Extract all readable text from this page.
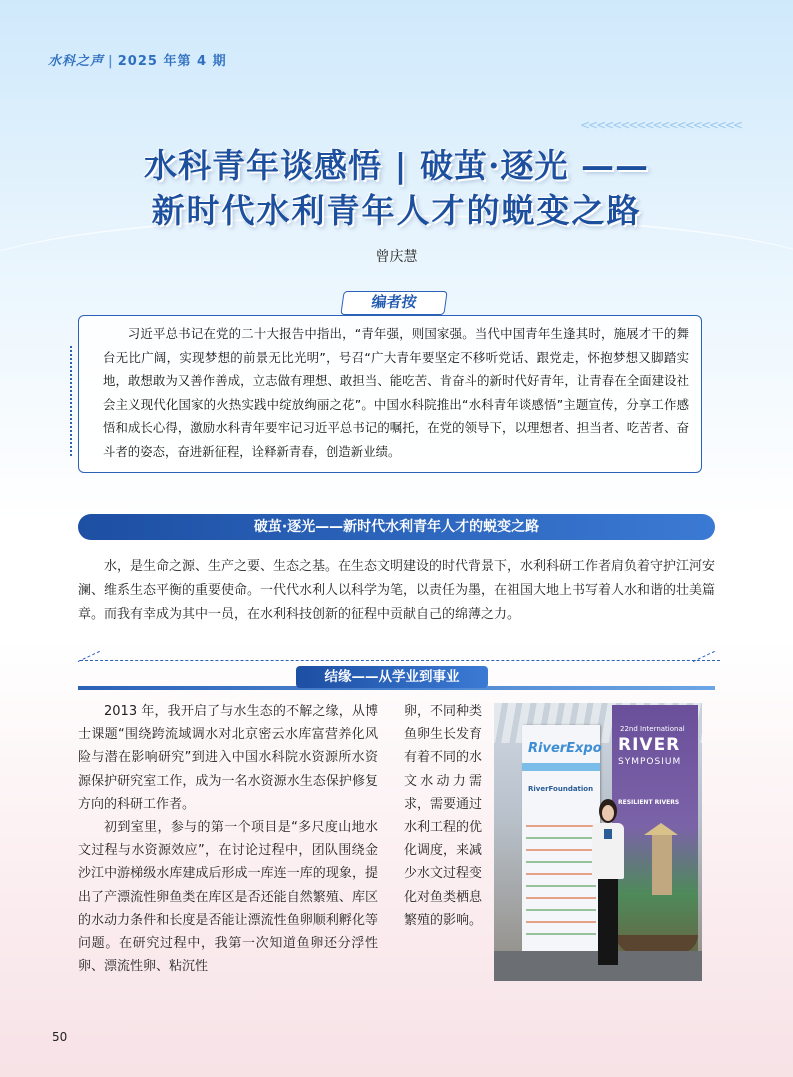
水科之声 | 2025 年第 4 期
<<<<<<<<<<<<<<<<<<<<
水科青年谈感悟 | 破茧·逐光 ——
新时代水利青年人才的蜕变之路
曾庆慧

习近平总书记在党的二十大报告中指出，“青年强，则国家强。当代中国青年生逢其时，施展才干的舞台无比广阔，实现梦想的前景无比光明”，号召“广大青年要坚定不移听党话、跟党走，怀抱梦想又脚踏实地，敢想敢为又善作善成，立志做有理想、敢担当、能吃苦、肯奋斗的新时代好青年，让青春在全面建设社会主义现代化国家的火热实践中绽放绚丽之花”。中国水科院推出“水科青年谈感悟”主题宣传，分享工作感悟和成长心得，激励水科青年要牢记习近平总书记的嘱托，在党的领导下，以理想者、担当者、吃苦者、奋斗者的姿态，奋进新征程，诠释新青春，创造新业绩。

编者按
破茧·逐光——新时代水利青年人才的蜕变之路

水，是生命之源、生产之要、生态之基。在生态文明建设的时代背景下，水利科研工作者肩负着守护江河安澜、维系生态平衡的重要使命。一代代水利人以科学为笔，以责任为墨，在祖国大地上书写着人水和谐的壮美篇章。而我有幸成为其中一员，在水利科技创新的征程中贡献自己的绵薄之力。

结缘——从学业到事业

2013 年，我开启了与水生态的不解之缘，从博士课题“围绕跨流域调水对北京密云水库富营养化风险与潜在影响研究”到进入中国水科院水资源所水资源保护研究室工作，成为一名水资源水生态保护修复方向的科研工作者。

初到室里，参与的第一个项目是“多尺度山地水文过程与水资源效应”，在讨论过程中，团队围绕金沙江中游梯级水库建成后形成一库连一库的现象，提出了产漂流性卵鱼类在库区是否还能自然繁殖、库区的水动力条件和长度是否能让漂流性鱼卵顺利孵化等问题。在研究过程中，我第一次知道鱼卵还分浮性卵、漂流性卵、粘沉性

卵，不同种类鱼卵生长发育有着不同的水文水动力需求，需要通过水利工程的优化调度，来减少水文过程变化对鱼类栖息繁殖的影响。

RiverExpo
RiverFoundation
22nd International
RIVER
SYMPOSIUM
RESILIENT RIVERS
50
